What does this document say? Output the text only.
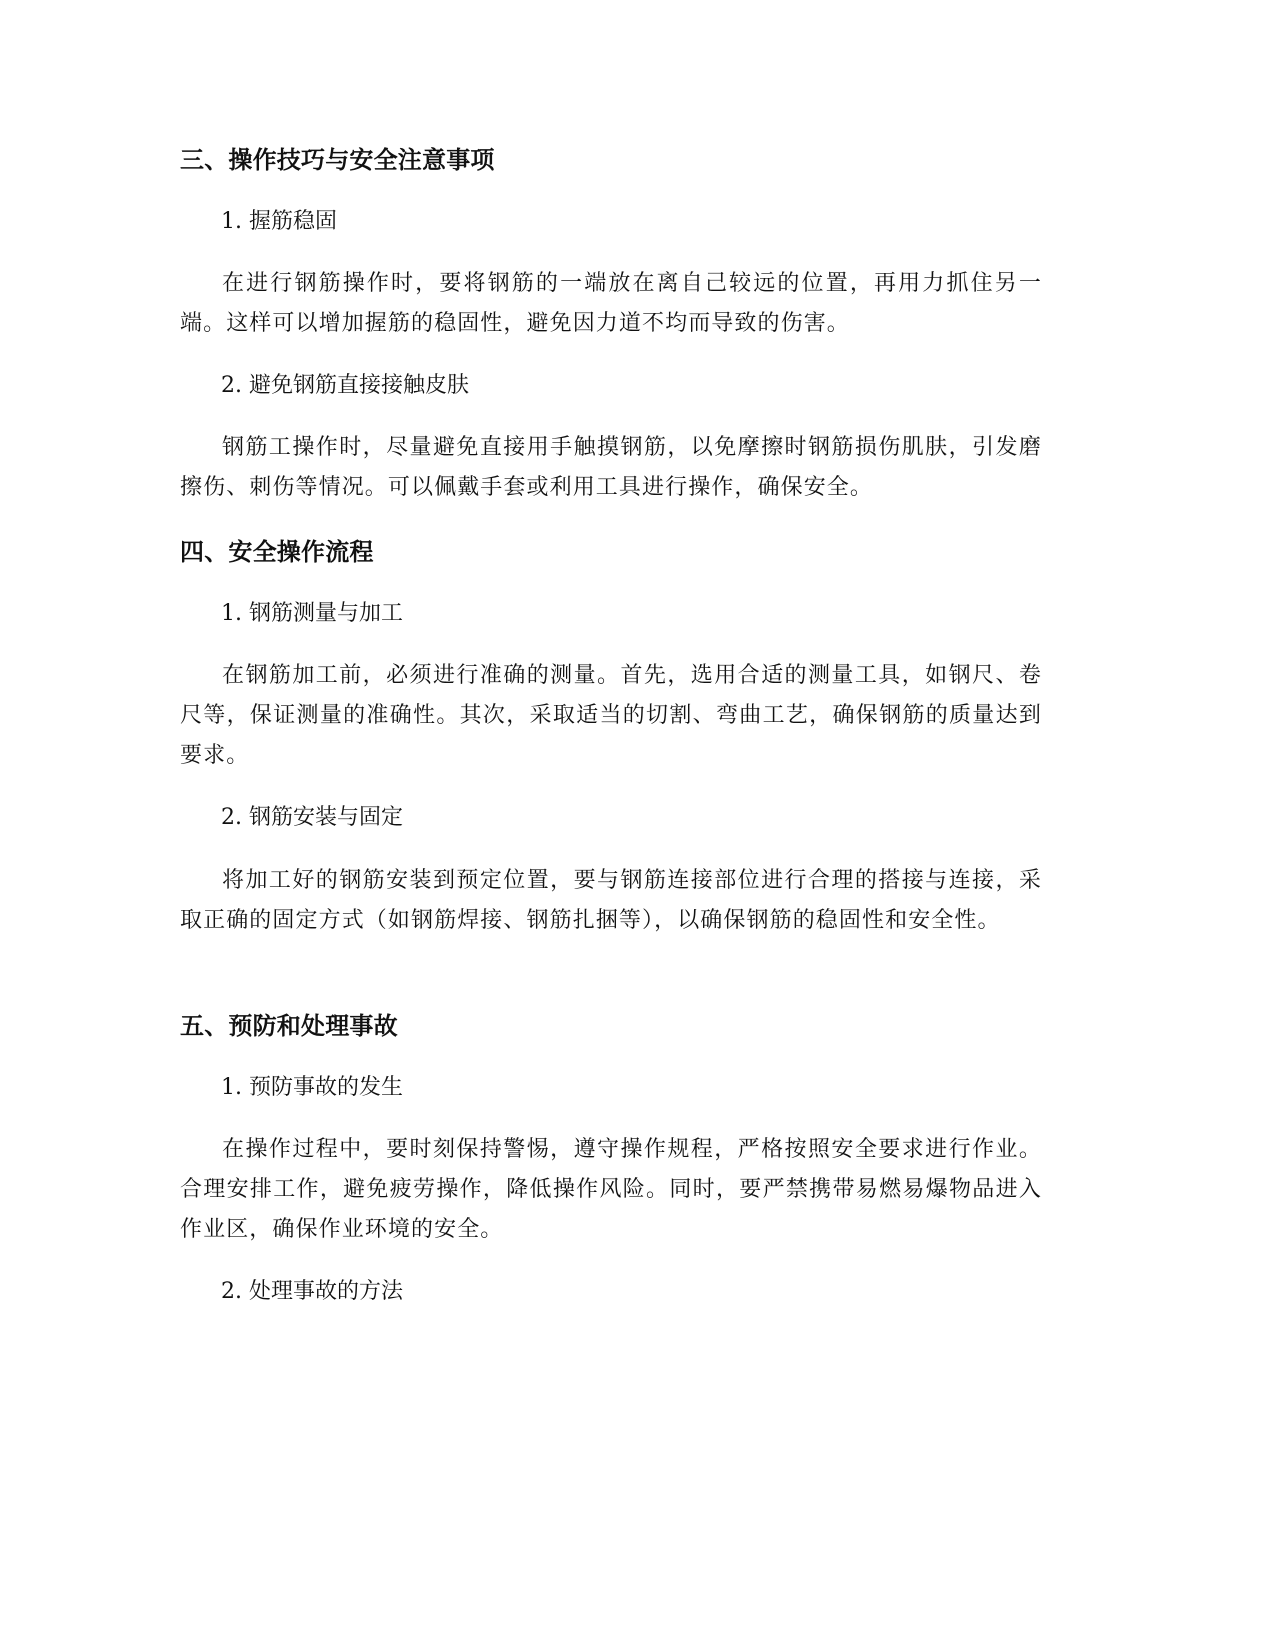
三、操作技巧与安全注意事项
1. 握筋稳固

在进行钢筋操作时，要将钢筋的一端放在离自己较远的位置，再用力抓住另一端。这样可以增加握筋的稳固性，避免因力道不均而导致的伤害。

2. 避免钢筋直接接触皮肤

钢筋工操作时，尽量避免直接用手触摸钢筋，以免摩擦时钢筋损伤肌肤，引发磨擦伤、刺伤等情况。可以佩戴手套或利用工具进行操作，确保安全。

四、安全操作流程
1. 钢筋测量与加工

在钢筋加工前，必须进行准确的测量。首先，选用合适的测量工具，如钢尺、卷尺等，保证测量的准确性。其次，采取适当的切割、弯曲工艺，确保钢筋的质量达到要求。

2. 钢筋安装与固定

将加工好的钢筋安装到预定位置，要与钢筋连接部位进行合理的搭接与连接，采取正确的固定方式（如钢筋焊接、钢筋扎捆等），以确保钢筋的稳固性和安全性。

五、预防和处理事故
1. 预防事故的发生

在操作过程中，要时刻保持警惕，遵守操作规程，严格按照安全要求进行作业。合理安排工作，避免疲劳操作，降低操作风险。同时，要严禁携带易燃易爆物品进入作业区，确保作业环境的安全。

2. 处理事故的方法
